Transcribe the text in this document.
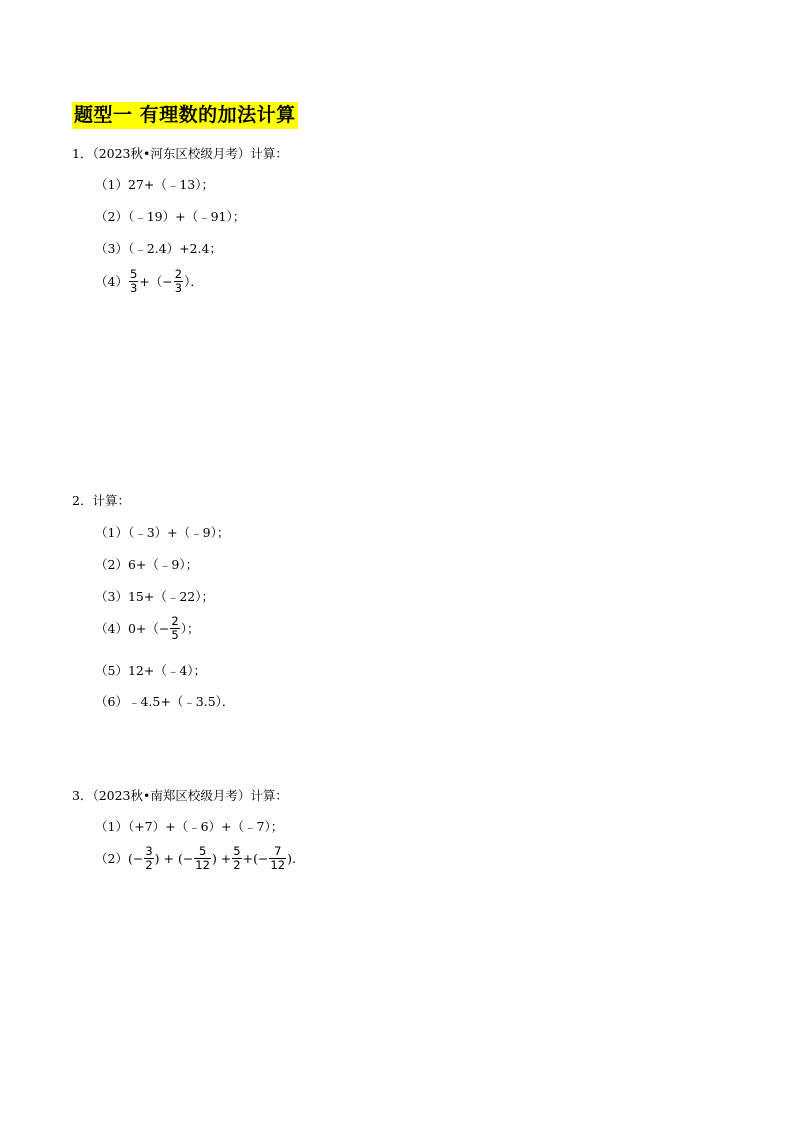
题型一 有理数的加法计算
1．（2023秋•河东区校级月考）计算：
（1）27+（﹣13）；
（2）（﹣19）+（﹣91）；
（3）（﹣2.4）+2.4；
$(4) \frac{5}{3}$ +（− $\frac{2}{3}$ ）．
2．计算：
（1）（﹣3）+（﹣9）；
（2）6+（﹣9）；
（3）15+（﹣22）；
$(4)0+(- \frac{2}{5}$ ）；
（5）12+（﹣4）；
（6）﹣4.5+（﹣3.5）．
3．（2023秋•南郑区校级月考）计算：
（1）（+7）+（﹣6）+（﹣7）；
$(2)(- \frac{3}{2}$ ) + (− $\frac{5}{12}$ ) + $\frac{5}{2}$ +(− $\frac{7}{12}$ ).
